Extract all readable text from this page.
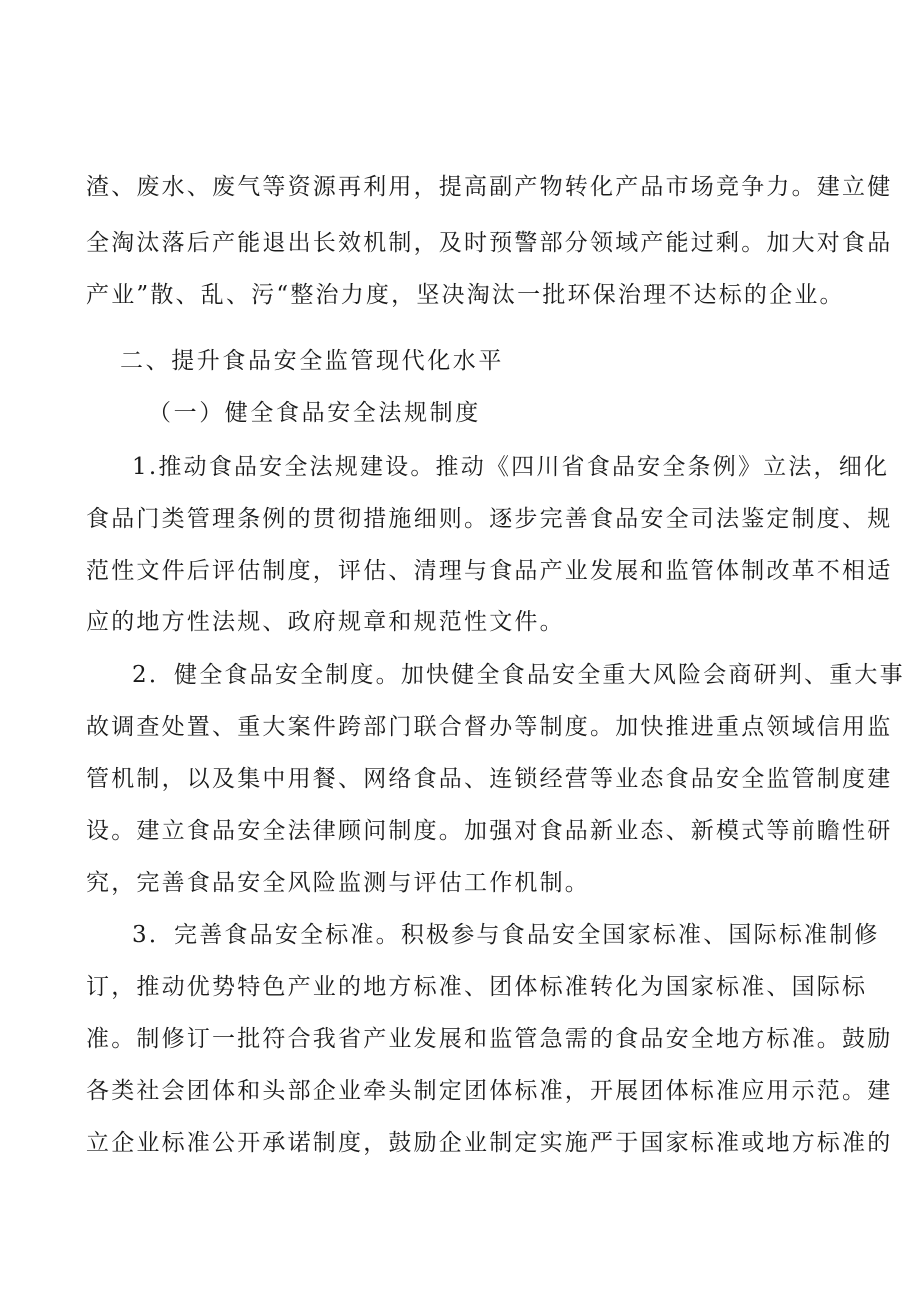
渣、废水、废气等资源再利用，提高副产物转化产品市场竞争力。建立健
全淘汰落后产能退出长效机制，及时预警部分领域产能过剩。加大对食品
产业”散、乱、污“整治力度，坚决淘汰一批环保治理不达标的企业。
二、提升食品安全监管现代化水平
（一）健全食品安全法规制度
1.推动食品安全法规建设。推动《四川省食品安全条例》立法，细化
食品门类管理条例的贯彻措施细则。逐步完善食品安全司法鉴定制度、规
范性文件后评估制度，评估、清理与食品产业发展和监管体制改革不相适
应的地方性法规、政府规章和规范性文件。
2．健全食品安全制度。加快健全食品安全重大风险会商研判、重大事
故调查处置、重大案件跨部门联合督办等制度。加快推进重点领域信用监
管机制，以及集中用餐、网络食品、连锁经营等业态食品安全监管制度建
设。建立食品安全法律顾问制度。加强对食品新业态、新模式等前瞻性研
究，完善食品安全风险监测与评估工作机制。
3．完善食品安全标准。积极参与食品安全国家标准、国际标准制修
订，推动优势特色产业的地方标准、团体标准转化为国家标准、国际标
准。制修订一批符合我省产业发展和监管急需的食品安全地方标准。鼓励
各类社会团体和头部企业牵头制定团体标准，开展团体标准应用示范。建
立企业标准公开承诺制度，鼓励企业制定实施严于国家标准或地方标准的
